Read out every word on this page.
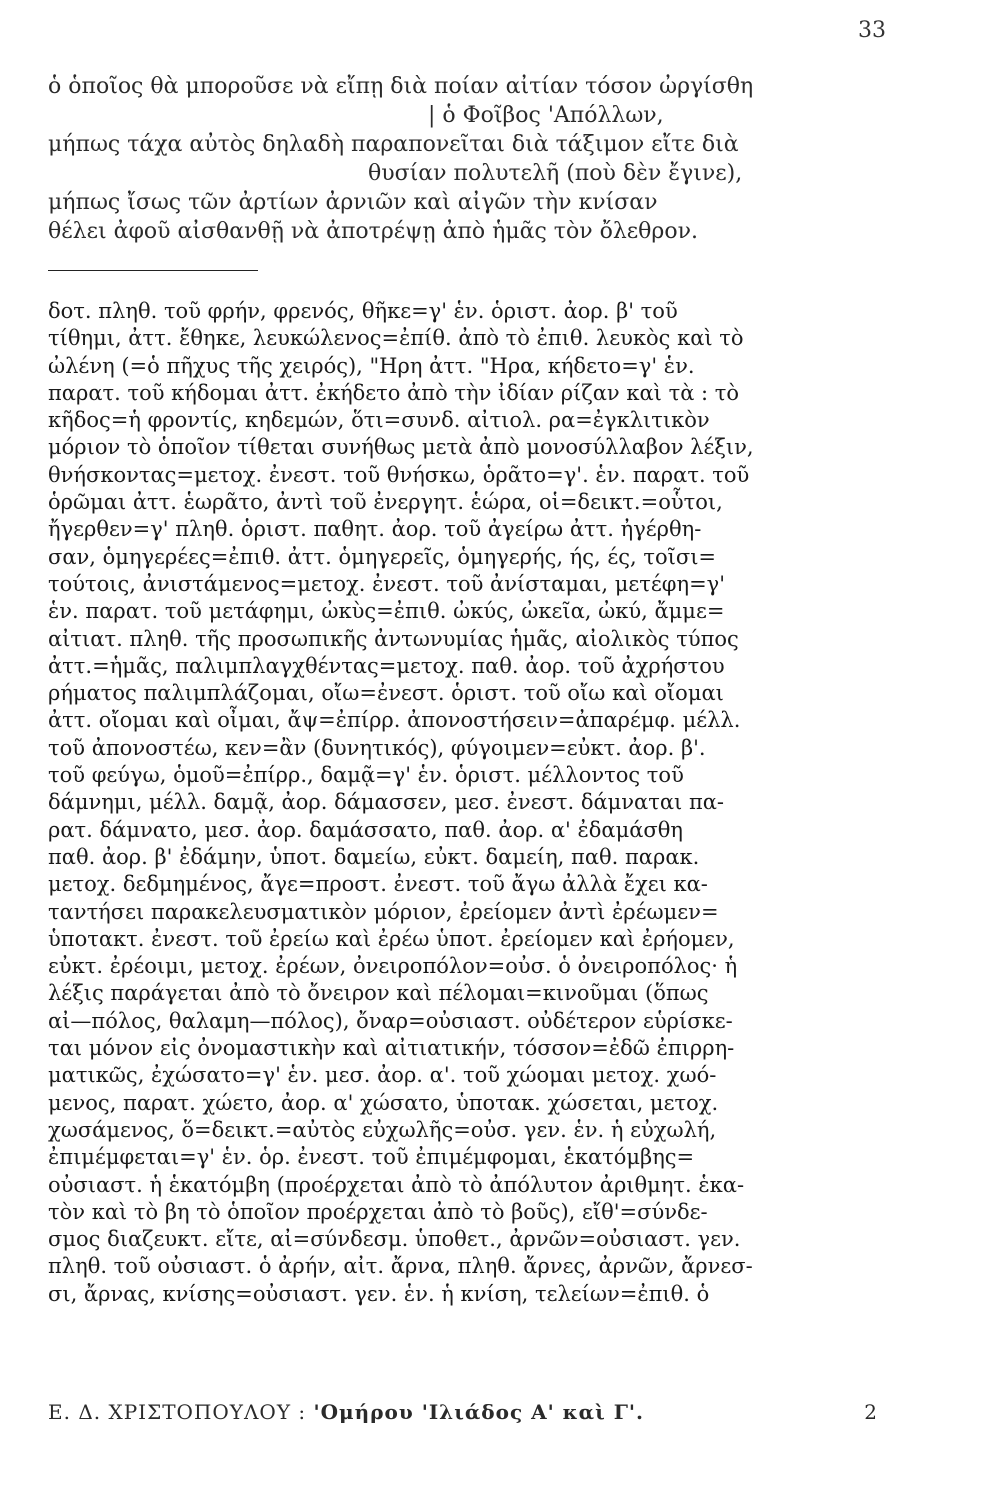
33
ὁ ὁποῖος θὰ μποροῦσε νὰ εἴπῃ διὰ ποίαν αἰτίαν τόσον ὠργίσθη
| ὁ Φοῖβος 'Απόλλων,
μήπως τάχα αὐτὸς δηλαδὴ παραπονεῖται διὰ τάξιμον εἴτε διὰ
θυσίαν πολυτελῆ (ποὺ δὲν ἔγινε),
μήπως ἴσως τῶν ἀρτίων ἀρνιῶν καὶ αἰγῶν τὴν κνίσαν
θέλει ἀφοῦ αἰσθανθῇ νὰ ἀποτρέψῃ ἀπὸ ἡμᾶς τὸν ὄλεθρον.
δοτ. πληθ. τοῦ φρήν, φρενός, θῆκε=γ' ἑν. ὁριστ. ἀορ. β' τοῦ
τίθημι, ἀττ. ἔθηκε, λευκώλενος=ἐπίθ. ἀπὸ τὸ ἐπιθ. λευκὸς καὶ τὸ
ὠλένη (=ὁ πῆχυς τῆς χειρός), "Ηρη ἀττ. "Ηρα, κήδετο=γ' ἑν.
παρατ. τοῦ κήδομαι ἀττ. ἐκήδετο ἀπὸ τὴν ἰδίαν ρίζαν καὶ τὰ : τὸ
κῆδος=ἡ φροντίς, κηδεμών, ὅτι=συνδ. αἰτιολ. ρα=ἐγκλιτικὸν
μόριον τὸ ὁποῖον τίθεται συνήθως μετὰ ἀπὸ μονοσύλλαβον λέξιν,
θνήσκοντας=μετοχ. ἐνεστ. τοῦ θνήσκω, ὁρᾶτο=γ'. ἑν. παρατ. τοῦ
ὁρῶμαι ἀττ. ἑωρᾶτο, ἀντὶ τοῦ ἐνεργητ. ἑώρα, οἱ=δεικτ.=οὗτοι,
ἤγερθεν=γ' πληθ. ὁριστ. παθητ. ἀορ. τοῦ ἀγείρω ἀττ. ἠγέρθη-
σαν, ὁμηγερέες=ἐπιθ. ἀττ. ὁμηγερεῖς, ὁμηγερής, ής, ές, τοῖσι=
τούτοις, ἀνιστάμενος=μετοχ. ἐνεστ. τοῦ ἀνίσταμαι, μετέφη=γ'
ἑν. παρατ. τοῦ μετάφημι, ὠκὺς=ἐπιθ. ὠκύς, ὠκεῖα, ὠκύ, ἄμμε=
αἰτιατ. πληθ. τῆς προσωπικῆς ἀντωνυμίας ἡμᾶς, αἰολικὸς τύπος
ἀττ.=ἡμᾶς, παλιμπλαγχθέντας=μετοχ. παθ. ἀορ. τοῦ ἀχρήστου
ρήματος παλιμπλάζομαι, οἴω=ἐνεστ. ὁριστ. τοῦ οἴω καὶ οἴομαι
ἀττ. οἴομαι καὶ οἶμαι, ἄψ=ἐπίρρ. ἀπονοστήσειν=ἀπαρέμφ. μέλλ.
τοῦ ἀπονοστέω, κεν=ἂν (δυνητικός), φύγοιμεν=εὐκτ. ἀορ. β'.
τοῦ φεύγω, ὁμοῦ=ἐπίρρ., δαμᾷ=γ' ἑν. ὁριστ. μέλλοντος τοῦ
δάμνημι, μέλλ. δαμᾷ, ἀορ. δάμασσεν, μεσ. ἐνεστ. δάμναται πα-
ρατ. δάμνατο, μεσ. ἀορ. δαμάσσατο, παθ. ἀορ. α' ἐδαμάσθη
παθ. ἀορ. β' ἐδάμην, ὑποτ. δαμείω, εὐκτ. δαμείη, παθ. παρακ.
μετοχ. δεδμημένος, ἄγε=προστ. ἐνεστ. τοῦ ἄγω ἀλλὰ ἔχει κα-
ταντήσει παρακελευσματικὸν μόριον, ἐρείομεν ἀντὶ ἐρέωμεν=
ὑποτακτ. ἐνεστ. τοῦ ἐρείω καὶ ἐρέω ὑποτ. ἐρείομεν καὶ ἐρήομεν,
εὐκτ. ἐρέοιμι, μετοχ. ἐρέων, ὀνειροπόλον=οὐσ. ὁ ὀνειροπόλος· ἡ
λέξις παράγεται ἀπὸ τὸ ὄνειρον καὶ πέλομαι=κινοῦμαι (ὅπως
αἰ—πόλος, θαλαμη—πόλος), ὄναρ=οὐσιαστ. οὐδέτερον εὑρίσκε-
ται μόνον εἰς ὀνομαστικὴν καὶ αἰτιατικήν, τόσσον=ἐδῶ ἐπιρρη-
ματικῶς, ἐχώσατο=γ' ἑν. μεσ. ἀορ. α'. τοῦ χώομαι μετοχ. χωό-
μενος, παρατ. χώετο, ἀορ. α' χώσατο, ὑποτακ. χώσεται, μετοχ.
χωσάμενος, ὅ=δεικτ.=αὐτὸς εὐχωλῆς=οὐσ. γεν. ἑν. ἡ εὐχωλή,
ἐπιμέμφεται=γ' ἑν. ὁρ. ἐνεστ. τοῦ ἐπιμέμφομαι, ἑκατόμβης=
οὐσιαστ. ἡ ἑκατόμβη (προέρχεται ἀπὸ τὸ ἀπόλυτον ἀριθμητ. ἑκα-
τὸν καὶ τὸ βη τὸ ὁποῖον προέρχεται ἀπὸ τὸ βοῦς), εἴθ'=σύνδε-
σμος διαζευκτ. εἴτε, αἰ=σύνδεσμ. ὑποθετ., ἀρνῶν=οὐσιαστ. γεν.
πληθ. τοῦ οὐσιαστ. ὁ ἀρήν, αἰτ. ἄρνα, πληθ. ἄρνες, ἀρνῶν, ἄρνεσ-
σι, ἄρνας, κνίσης=οὐσιαστ. γεν. ἑν. ἡ κνίση, τελείων=ἐπιθ. ὁ
Ε. Δ. ΧΡΙΣΤΟΠΟΥΛΟΥ : 'Ομήρου 'Ιλιάδος Α' καὶ Γ'.	2
